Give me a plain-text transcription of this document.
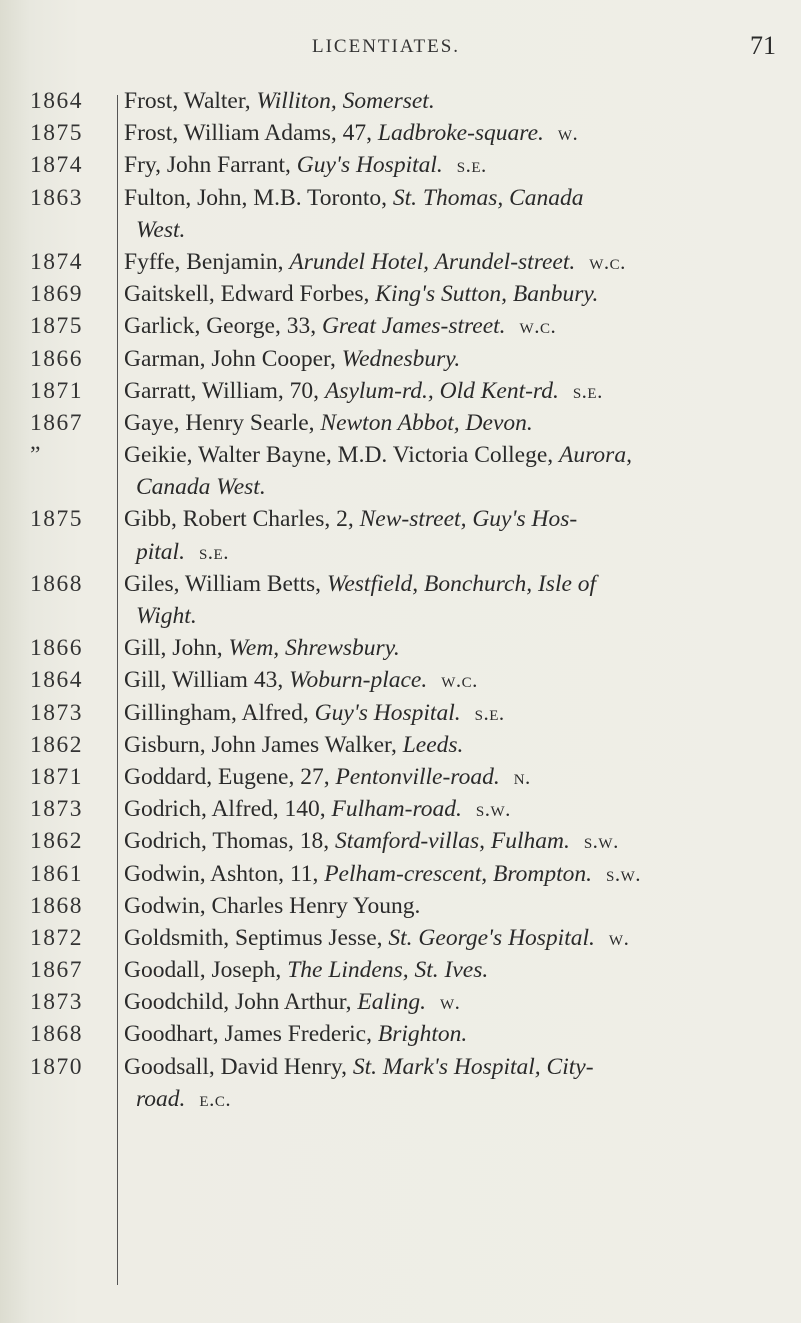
LICENTIATES.	71
1864	Frost, Walter, Williton, Somerset.
1875	Frost, William Adams, 47, Ladbroke-square. w.
1874	Fry, John Farrant, Guy's Hospital. s.e.
1863	Fulton, John, M.B. Toronto, St. Thomas, Canada
West.
1874	Fyffe, Benjamin, Arundel Hotel, Arundel-street. w.c.
1869	Gaitskell, Edward Forbes, King's Sutton, Banbury.
1875	Garlick, George, 33, Great James-street. w.c.
1866	Garman, John Cooper, Wednesbury.
1871	Garratt, William, 70, Asylum-rd., Old Kent-rd. s.e.
1867	Gaye, Henry Searle, Newton Abbot, Devon.
”	Geikie, Walter Bayne, M.D. Victoria College, Aurora,
Canada West.
1875	Gibb, Robert Charles, 2, New-street, Guy's Hos-
pital. s.e.
1868	Giles, William Betts, Westfield, Bonchurch, Isle of
Wight.
1866	Gill, John, Wem, Shrewsbury.
1864	Gill, William 43, Woburn-place. w.c.
1873	Gillingham, Alfred, Guy's Hospital. s.e.
1862	Gisburn, John James Walker, Leeds.
1871	Goddard, Eugene, 27, Pentonville-road. n.
1873	Godrich, Alfred, 140, Fulham-road. s.w.
1862	Godrich, Thomas, 18, Stamford-villas, Fulham. s.w.
1861	Godwin, Ashton, 11, Pelham-crescent, Brompton. s.w.
1868	Godwin, Charles Henry Young.
1872	Goldsmith, Septimus Jesse, St. George's Hospital. w.
1867	Goodall, Joseph, The Lindens, St. Ives.
1873	Goodchild, John Arthur, Ealing. w.
1868	Goodhart, James Frederic, Brighton.
1870	Goodsall, David Henry, St. Mark's Hospital, City-
road. e.c.
